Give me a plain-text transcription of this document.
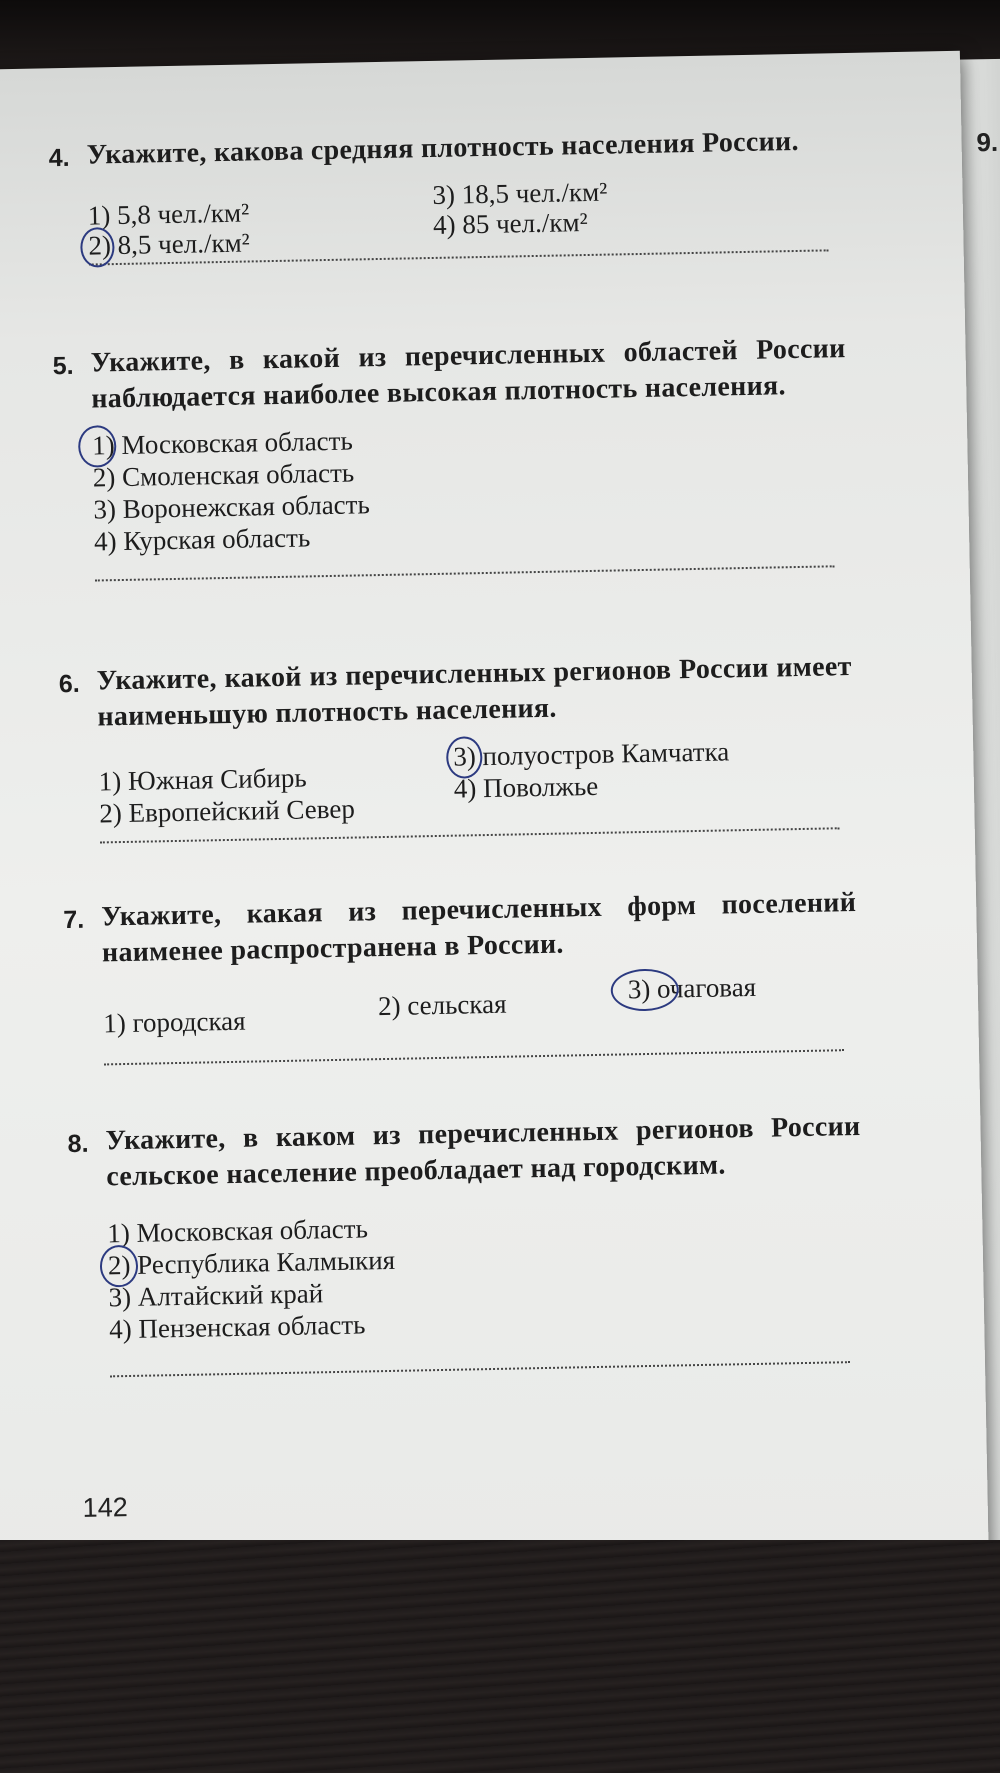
9.
4. Укажите, какова средняя плотность населения России.
1) 5,8 чел./км²
2) 8,5 чел./км²
3) 18,5 чел./км²
4) 85 чел./км²
5. Укажите, в какой из перечисленных областей России наблюдается наиболее высокая плотность населения.
1) Московская область
2) Смоленская область
3) Воронежская область
4) Курская область
6. Укажите, какой из перечисленных регионов России имеет наименьшую плотность населения.
1) Южная Сибирь
2) Европейский Север
3) полуостров Камчатка
4) Поволжье
7. Укажите, какая из перечисленных форм поселений наименее распространена в России.
1) городская
2) сельская
3) очаговая
8. Укажите, в каком из перечисленных регионов России сельское население преобладает над городским.
1) Московская область
2) Республика Калмыкия
3) Алтайский край
4) Пензенская область
142
